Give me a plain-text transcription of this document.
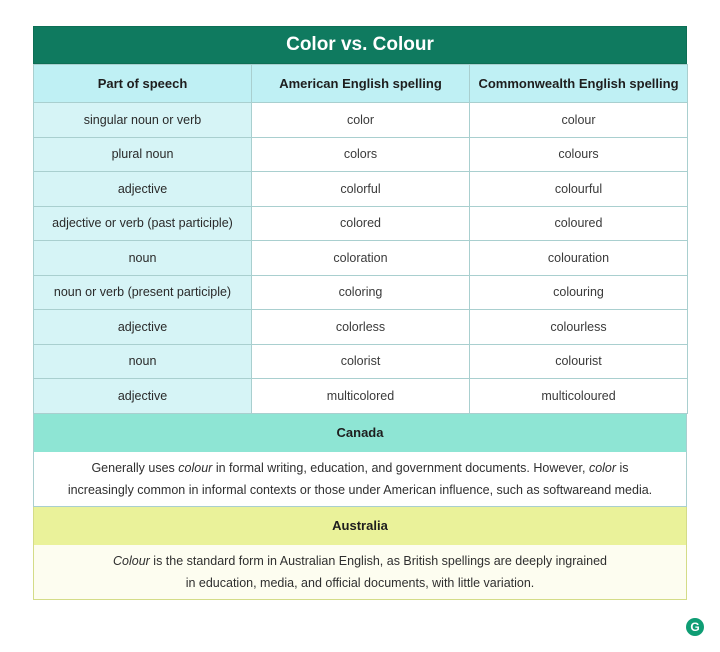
Color vs. Colour
Part of speech	American English spelling	Commonwealth English spelling
singular noun or verb	color	colour
plural noun	colors	colours
adjective	colorful	colourful
adjective or verb (past participle)	colored	coloured
noun	coloration	colouration
noun or verb (present participle)	coloring	colouring
adjective	colorless	colourless
noun	colorist	colourist
adjective	multicolored	multicoloured
Canada
Generally uses colour in formal writing, education, and government documents. However, color is
increasingly common in informal contexts or those under American influence, such as softwareand media.
Australia
Colour is the standard form in Australian English, as British spellings are deeply ingrained
in education, media, and official documents, with little variation.
G
